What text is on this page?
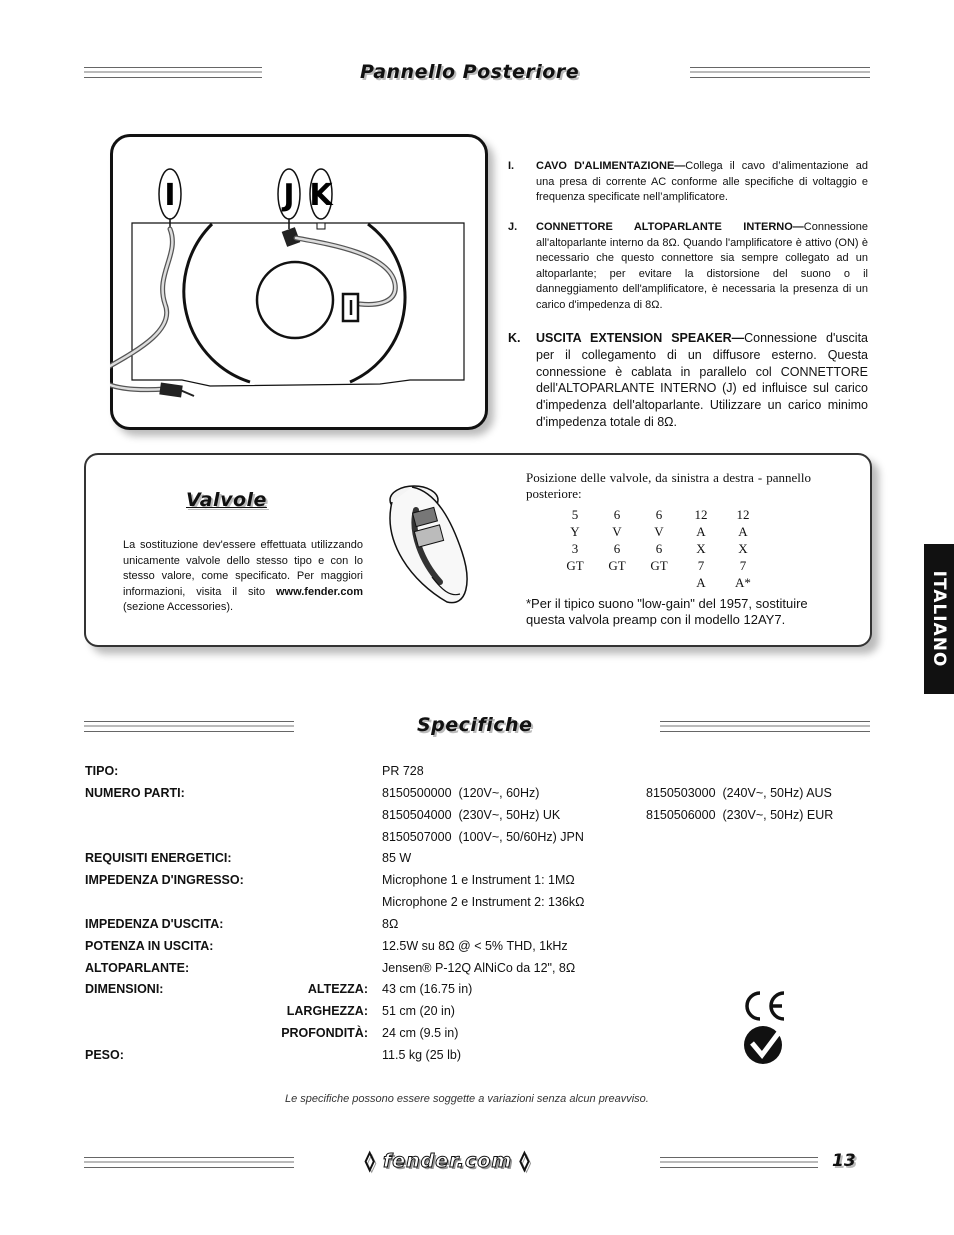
Pannello Posteriore
I	J K
I. CAVO D'ALIMENTAZIONE—Collega il cavo d’alimentazione ad una presa di corrente AC conforme alle specifiche di voltaggio e frequenza specificate nell’amplificatore.
J. CONNETTORE ALTOPARLANTE INTERNO—Connessione all'altoparlante interno da 8Ω. Quando l'amplificatore è attivo (ON) è necessario che questo connettore sia sempre collegato ad un altoparlante; per evitare la distorsione del suono o il danneggiamento dell'amplificatore, è necessaria la presenza di un carico d'impedenza di 8Ω.
K. USCITA EXTENSION SPEAKER—Connessione d'uscita per il collegamento di un diffusore esterno. Questa connessione è cablata in parallelo col CONNETTORE dell'ALTOPARLANTE INTERNO (J) ed influisce sul carico d'impedenza dell'altoparlante. Utilizzare un carico minimo d'impedenza totale di 8Ω.
Valvole
La sostituzione dev'essere effettuata utilizzando unicamente valvole dello stesso tipo e con lo stesso valore, come specificato. Per maggiori informazioni, visita il sito www.fender.com (sezione Accessories).
Posizione delle valvole, da sinistra a destra - pannello posteriore:
5	6	6	12	12
Y	V	V	A	A
3	6	6	X	X
GT	GT	GT	7	7
			A	A*
*Per il tipico suono "low-gain" del 1957, sostituire questa valvola preamp con il modello 12AY7.	ITALIANO
Specifiche
TIPO:	PR 728
NUMERO PARTI:	8150500000  (120V~, 60Hz)	8150503000  (240V~, 50Hz) AUS
8150504000  (230V~, 50Hz) UK	8150506000  (230V~, 50Hz) EUR
8150507000  (100V~, 50/60Hz) JPN
REQUISITI ENERGETICI:	85 W
IMPEDENZA D'INGRESSO:	Microphone 1 e Instrument 1: 1MΩ
Microphone 2 e Instrument 2: 136kΩ
IMPEDENZA D'USCITA:	8Ω
POTENZA IN USCITA:	12.5W su 8Ω @ < 5% THD, 1kHz
ALTOPARLANTE:	Jensen® P-12Q AlNiCo da 12", 8Ω
DIMENSIONI:	ALTEZZA: 43 cm (16.75 in)
LARGHEZZA: 51 cm (20 in)
PROFONDITÀ: 24 cm (9.5 in)
PESO:	11.5 kg (25 lb)
Le specifiche possono essere soggette a variazioni senza alcun preavviso.
◊ fender.com ◊	13
